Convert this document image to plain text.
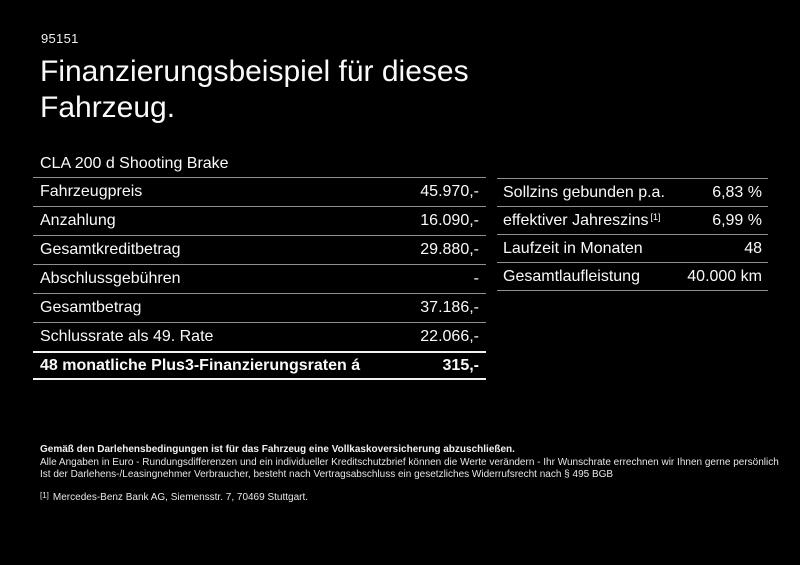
95151
Finanzierungsbeispiel für dieses Fahrzeug.
CLA 200 d Shooting Brake
Fahrzeugpreis	45.970,-
Anzahlung	16.090,-
Gesamtkreditbetrag	29.880,-
Abschlussgebühren	-
Gesamtbetrag	37.186,-
Schlussrate als 49. Rate	22.066,-
48 monatliche Plus3-Finanzierungsraten á	315,-
Sollzins gebunden p.a.	6,83 %
effektiver Jahreszins [1]	6,99 %
Laufzeit in Monaten	48
Gesamtlaufleistung	40.000 km
Gemäß den Darlehensbedingungen ist für das Fahrzeug eine Vollkaskoversicherung abzuschließen.
Alle Angaben in Euro - Rundungsdifferenzen und ein individueller Kreditschutzbrief können die Werte verändern - Ihr Wunschrate errechnen wir Ihnen gerne persönlich
Ist der Darlehens-/Leasingnehmer Verbraucher, besteht nach Vertragsabschluss ein gesetzliches Widerrufsrecht nach § 495 BGB
[1] Mercedes-Benz Bank AG, Siemensstr. 7, 70469 Stuttgart.
